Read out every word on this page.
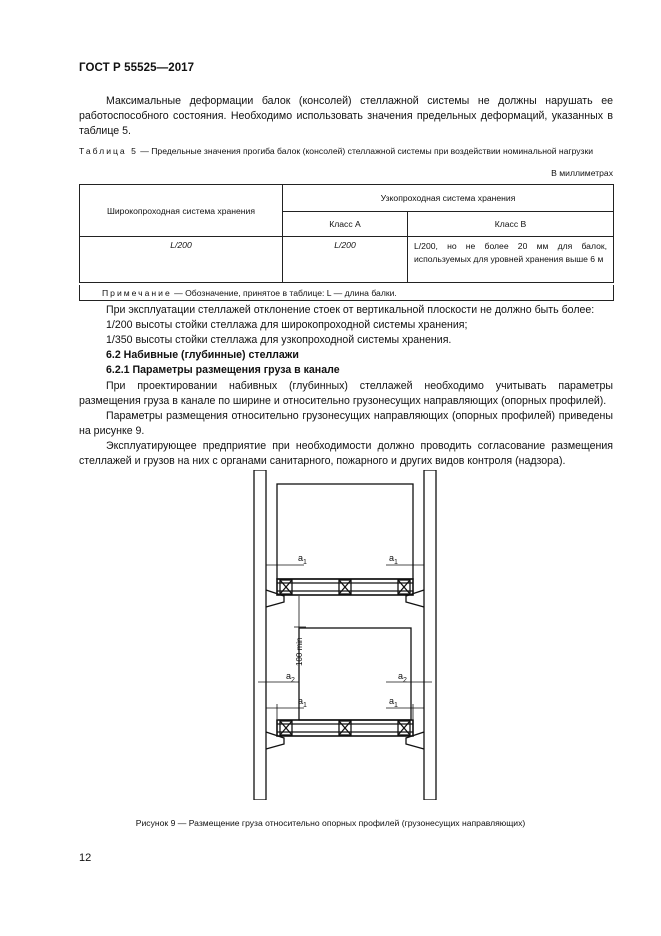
ГОСТ Р 55525—2017

Максимальные деформации балок (консолей) стеллажной системы не должны нарушать ее работоспособного состояния. Необходимо использовать значения предельных деформаций, указанных в таблице 5.

Таблица 5 — Предельные значения прогиба балок (консолей) стеллажной системы при воздействии номинальной нагрузки

В миллиметрах
Широкопроходная система хранения	Узкопроходная система хранения	
	Класс А	Класс В
L/200	L/200	L/200, но не более 20 мм для балок, используемых для уровней хранения выше 6 м
Примечание — Обозначение, принятое в таблице: L — длина балки.

При эксплуатации стеллажей отклонение стоек от вертикальной плоскости не должно быть более:

1/200 высоты стойки стеллажа для широкопроходной системы хранения;

1/350 высоты стойки стеллажа для узкопроходной системы хранения.

6.2 Набивные (глубинные) стеллажи
6.2.1 Параметры размещения груза в канале

При проектировании набивных (глубинных) стеллажей необходимо учитывать параметры размещения груза в канале по ширине и относительно грузонесущих направляющих (опорных профилей).

Параметры размещения относительно грузонесущих направляющих (опорных профилей) приведены на рисунке 9.

Эксплуатирующее предприятие при необходимости должно проводить согласование размещения стеллажей и грузов на них с органами санитарного, пожарного и других видов контроля (надзора).

$a_1$	$a_1$
$a_2$	$a_2$
$a_1$	$a_1$
100 min
Рисунок 9 — Размещение груза относительно опорных профилей (грузонесущих направляющих)
12
